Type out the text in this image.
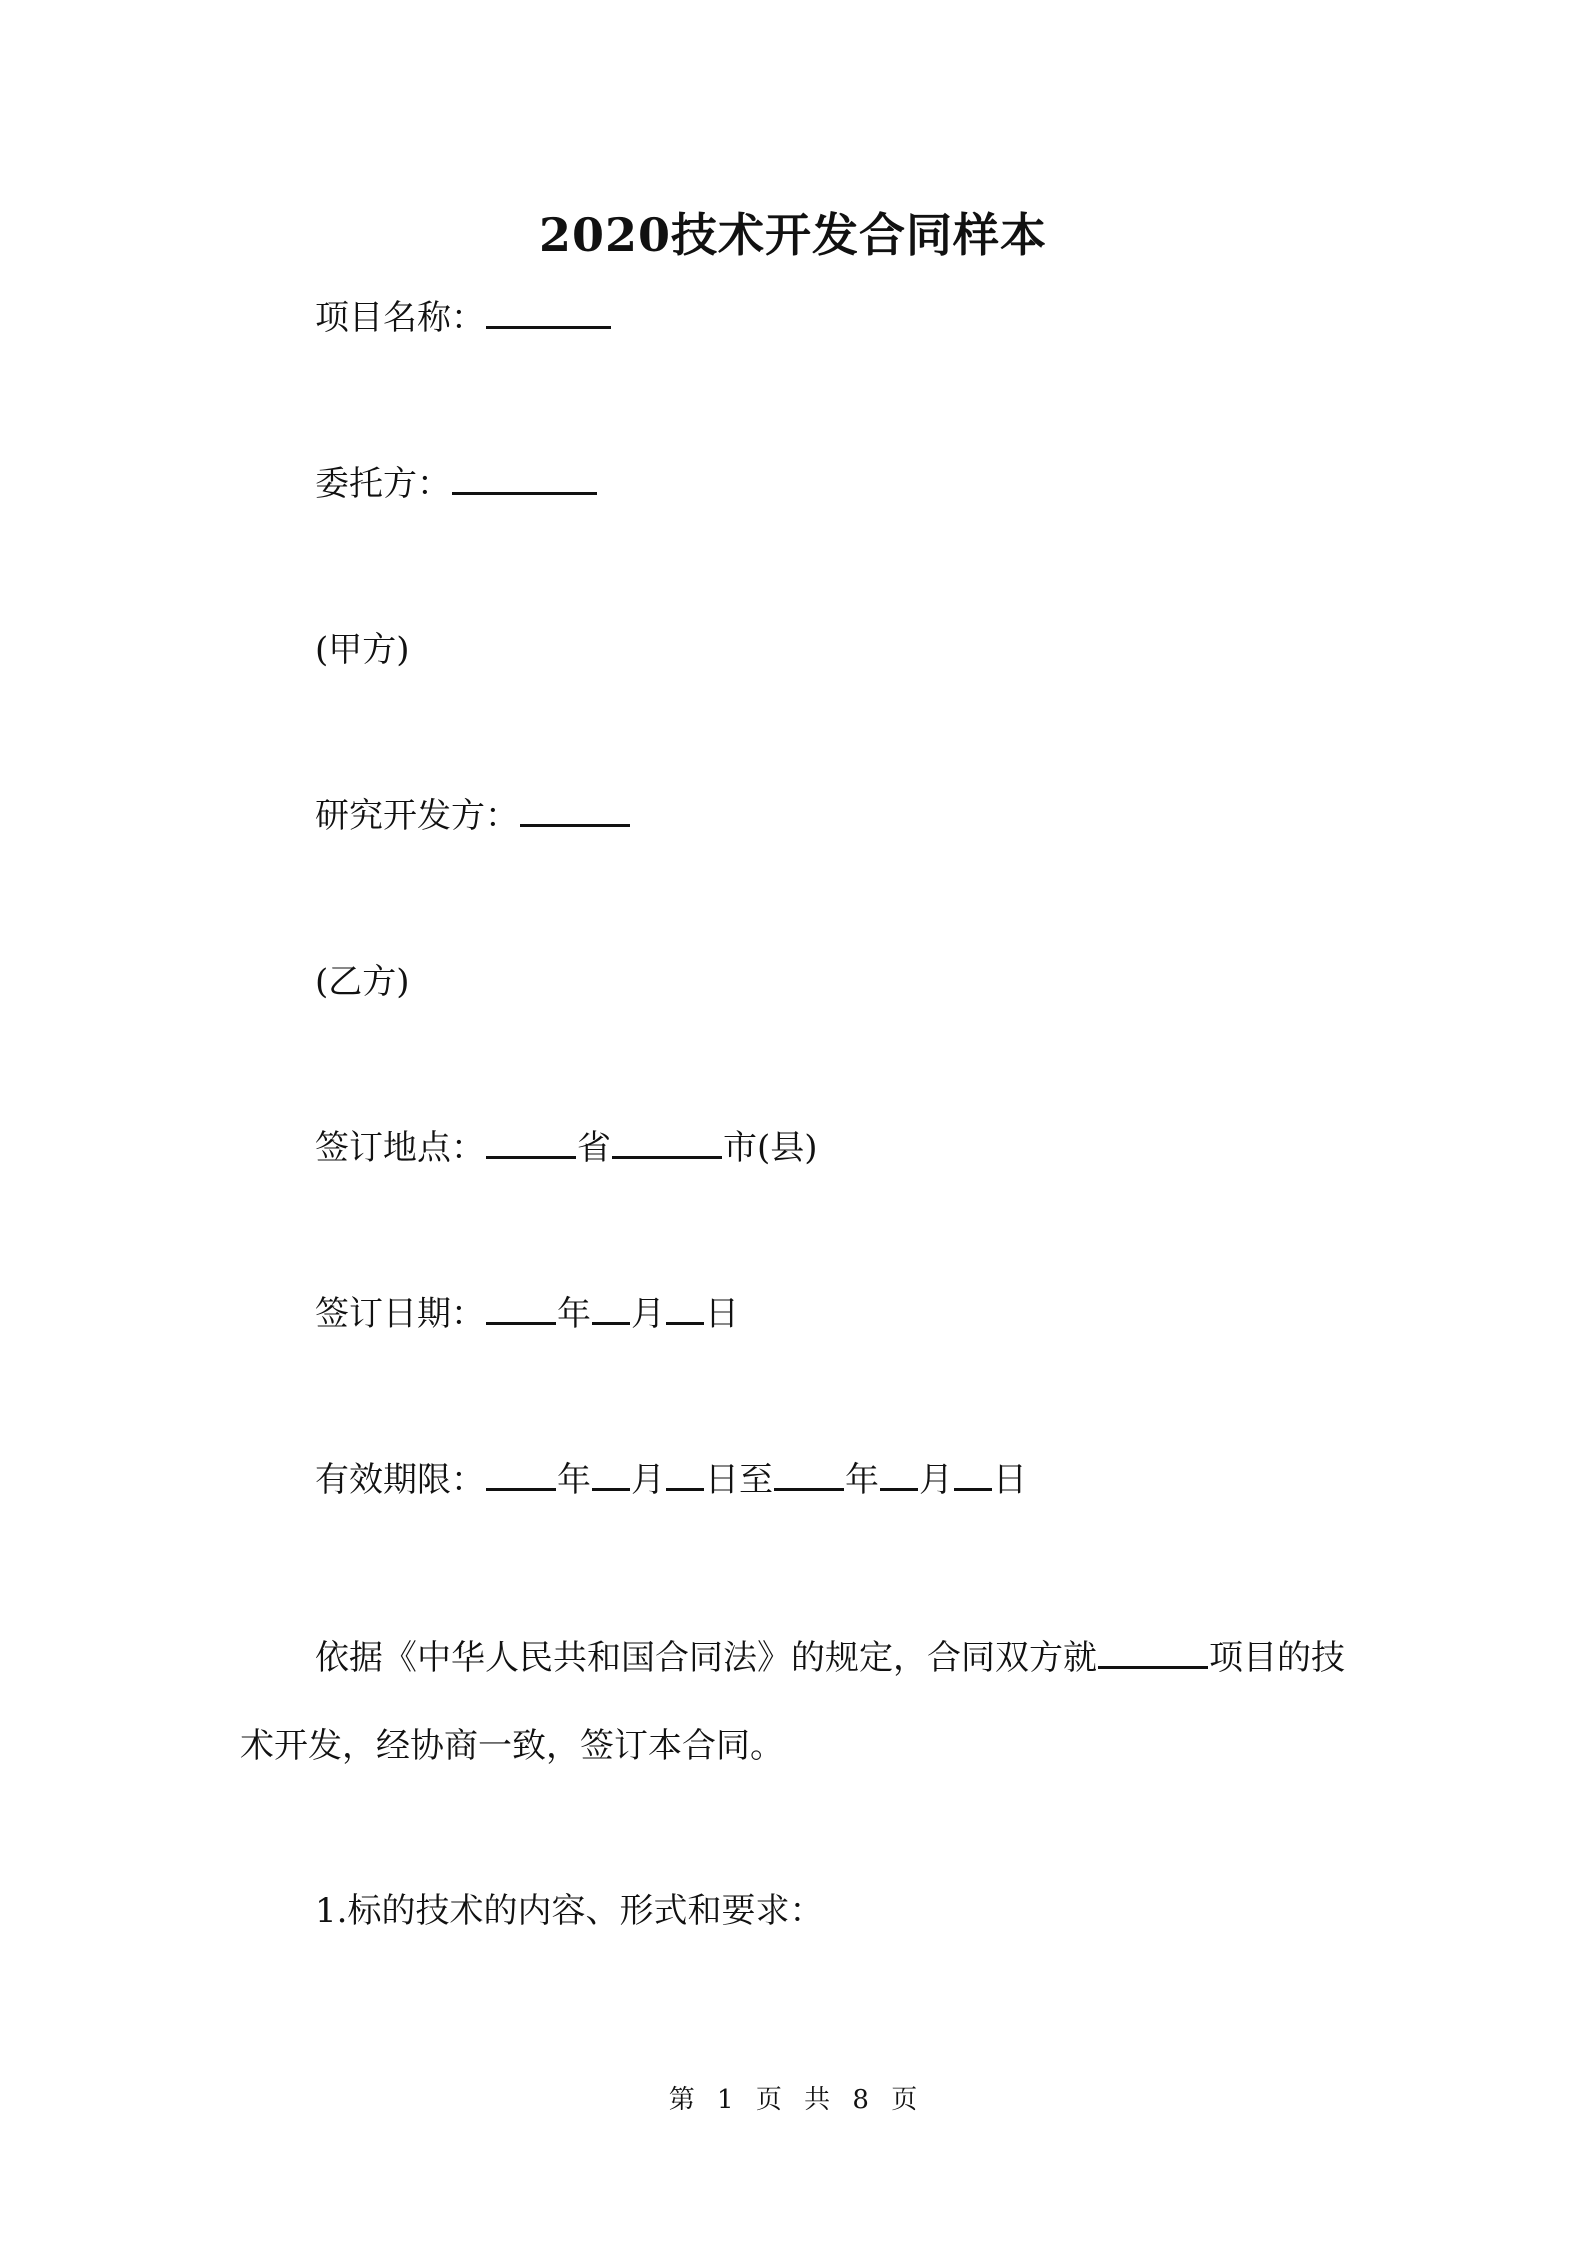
2020技术开发合同样本
项目名称：
委托方：
(甲方)
研究开发方：
(乙方)
签订地点：	省	市(县)
签订日期： 年 月 日
有效期限： 年 月 日至 年 月 日
依据《中华人民共和国合同法》的规定，合同双方就	项目的技术开发，经协商一致，签订本合同。
1.标的技术的内容、形式和要求：
第 1 页 共 8 页
